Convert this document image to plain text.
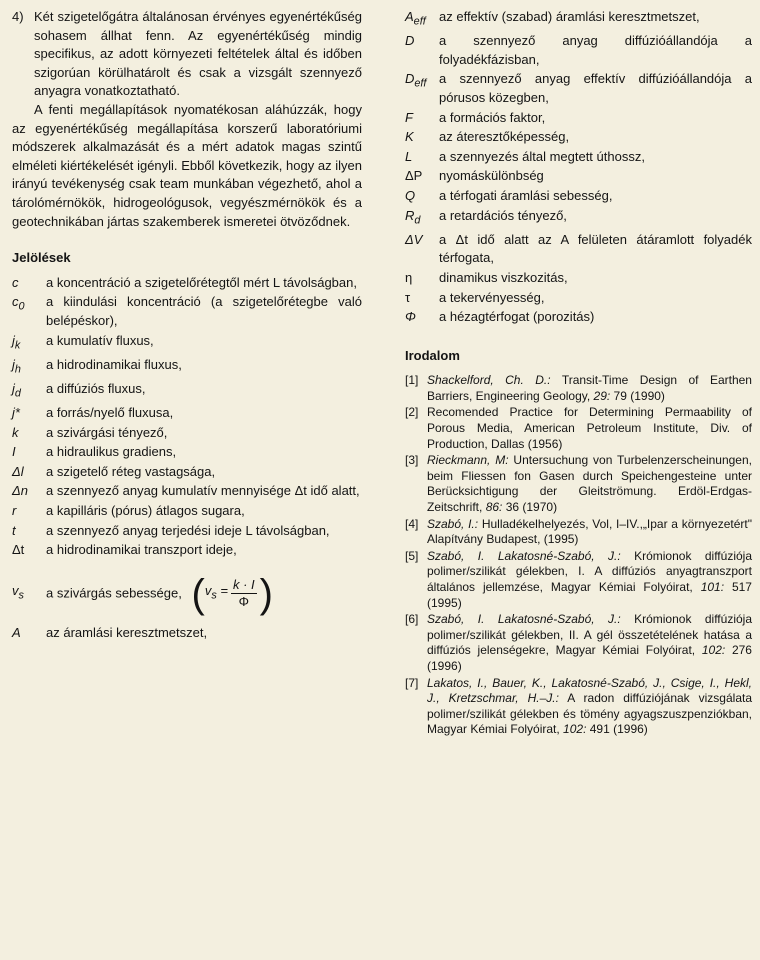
4) Két szigetelőgátra általánosan érvényes egyenértékűség sohasem állhat fenn. Az egyenértékűség mindig specifikus, az adott környezeti feltételek által és időben szigorúan körülhatárolt és csak a vizsgált szennyező anyagra vonatkoztatható.

A fenti megállapítások nyomatékosan aláhúzzák, hogy az egyenértékűség megállapítása korszerű laboratóriumi módszerek alkalmazását és a mért adatok magas szintű elméleti kiértékelését igényli. Ebből következik, hogy az ilyen irányú tevékenység csak team munkában végezhető, ahol a tárolómérnökök, hidrogeológusok, vegyészmérnökök és a geotechnikában jártas szakemberek ismeretei ötvöződnek.

Jelölések

c	a koncentráció a szigetelőrétegtől mért L távolságban,
$c_0$	a kiindulási koncentráció (a szigetelőrétegbe való belépéskor),
$j_k$	a kumulatív fluxus,
$j_h$	a hidrodinamikai fluxus,
$j_d$	a diffúziós fluxus,
j*	a forrás/nyelő fluxusa,
k	a szivárgási tényező,
I	a hidraulikus gradiens,
Δl	a szigetelő réteg vastagsága,
Δn	a szennyező anyag kumulatív mennyisége Δt idő alatt,
r	a kapilláris (pórus) átlagos sugara,
t	a szennyező anyag terjedési ideje L távolságban,
Δt	a hidrodinamikai transzport ideje,
$v_s$	a szivárgás sebessége, ( $v_s = \frac{k \cdot I}{\Phi}$ )
A	az áramlási keresztmetszet,
$A_{eff}$	az effektív (szabad) áramlási keresztmetszet,
D	a szennyező anyag diffúzióállandója a folyadékfázisban,
$D_{eff}$ a szennyező anyag effektív diffúzióállandója a pórusos közegben,
F	a formációs faktor,
K	az áteresztőképesség,
L	a szennyezés által megtett úthossz,
ΔP	nyomáskülönbség
Q	a térfogati áramlási sebesség,
$R_d$	a retardációs tényező,
ΔV	a Δt idő alatt az A felületen átáramlott folyadék térfogata,
η	dinamikus viszkozitás,
τ	a tekervényesség,
Φ	a hézagtérfogat (porozitás)

Irodalom

[1] Shackelford, Ch. D.: Transit-Time Design of Earthen Barriers, Engineering Geology, 29: 79 (1990)
[2] Recomended Practice for Determining Permaability of Porous Media, American Petroleum Institute, Div. of Production, Dallas (1956)
[3] Rieckmann, M: Untersuchung von Turbelenzerscheinungen, beim Fliessen fon Gasen durch Speichengesteine unter Berücksichtigung der Gleitströmung. Erdöl-Erdgas-Zeitschrift, 86: 36 (1970)
[4] Szabó, I.: Hulladékelhelyezés, Vol, I–IV.,„Ipar a környezetért" Alapítvány Budapest, (1995)
[5] Szabó, I. Lakatosné-Szabó, J.: Krómionok diffúziója polimer/szilikát gélekben, I. A diffúziós anyagtranszport általános jellemzése, Magyar Kémiai Folyóirat, 101: 517 (1995)
[6] Szabó, I. Lakatosné-Szabó, J.: Krómionok diffúziója polimer/szilikát gélekben, II. A gél összetételének hatása a diffúziós jelenségekre, Magyar Kémiai Folyóirat, 102: 276 (1996)
[7] Lakatos, I., Bauer, K., Lakatosné-Szabó, J., Csige, I., Hekl, J., Kretzschmar, H.–J.: A radon diffúziójának vizsgálata polimer/szilikát gélekben és tömény agyagszuszpenziókban, Magyar Kémiai Folyóirat, 102: 491 (1996)
